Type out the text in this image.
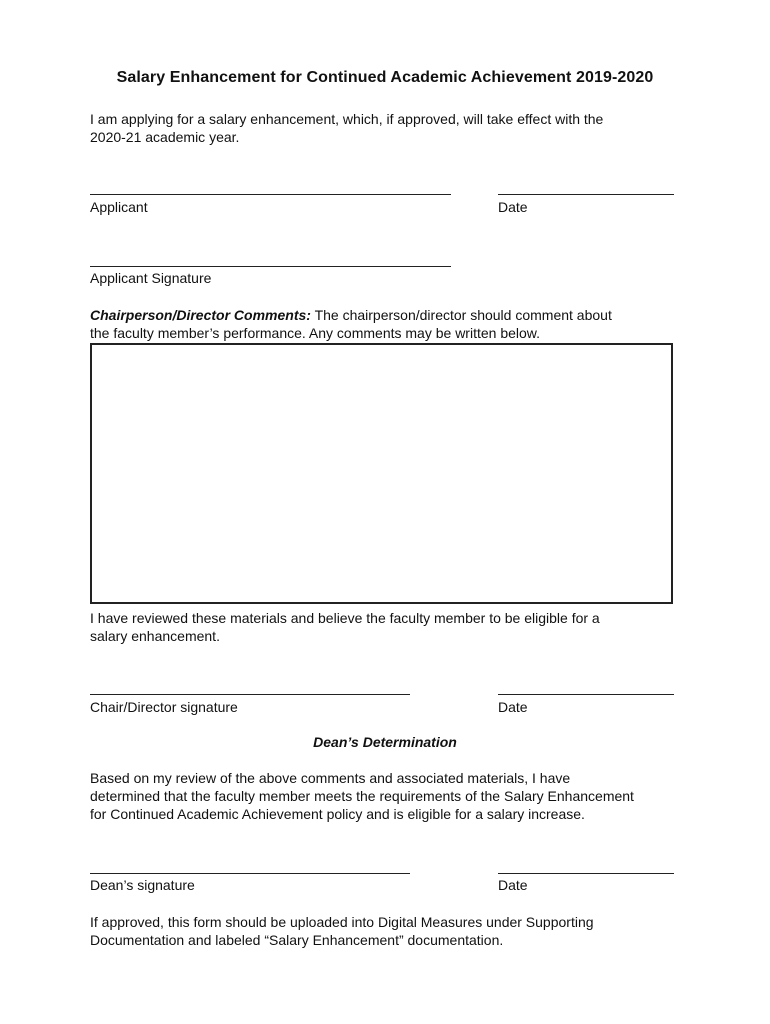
Salary Enhancement for Continued Academic Achievement 2019-2020
I am applying for a salary enhancement, which, if approved, will take effect with the
2020-21 academic year.
Applicant	Date
Applicant Signature
Chairperson/Director Comments: The chairperson/director should comment about
the faculty member’s performance. Any comments may be written below.
I have reviewed these materials and believe the faculty member to be eligible for a
salary enhancement.
Chair/Director signature	Date
Dean’s Determination
Based on my review of the above comments and associated materials, I have
determined that the faculty member meets the requirements of the Salary Enhancement
for Continued Academic Achievement policy and is eligible for a salary increase.
Dean’s signature	Date
If approved, this form should be uploaded into Digital Measures under Supporting
Documentation and labeled “Salary Enhancement” documentation.
